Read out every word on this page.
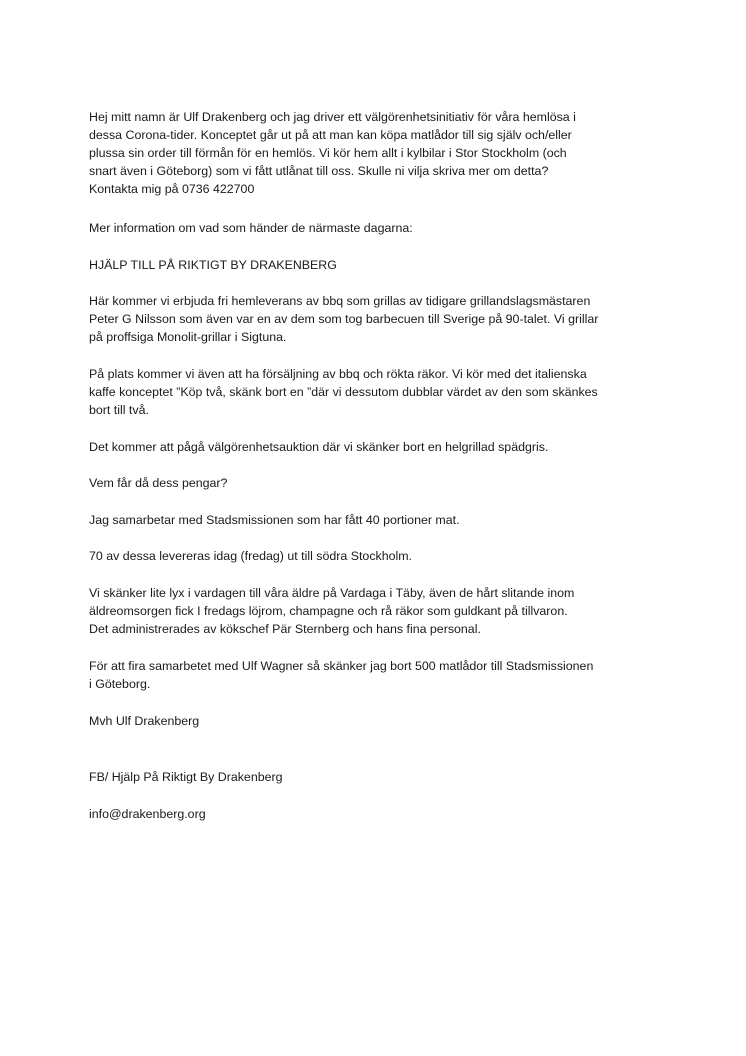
Hej mitt namn är Ulf Drakenberg och jag driver ett välgörenhetsinitiativ för våra hemlösa i
dessa Corona-tider. Konceptet går ut på att man kan köpa matlådor till sig själv och/eller
plussa sin order till förmån för en hemlös. Vi kör hem allt i kylbilar i Stor Stockholm (och
snart även i Göteborg) som vi fått utlånat till oss. Skulle ni vilja skriva mer om detta?
Kontakta mig på 0736 422700

Mer information om vad som händer de närmaste dagarna:

HJÄLP TILL PÅ RIKTIGT BY DRAKENBERG

Här kommer vi erbjuda fri hemleverans av bbq som grillas av tidigare grillandslagsmästaren
Peter G Nilsson som även var en av dem som tog barbecuen till Sverige på 90-talet. Vi grillar
på proffsiga Monolit-grillar i Sigtuna.

På plats kommer vi även att ha försäljning av bbq och rökta räkor. Vi kör med det italienska
kaffe konceptet ”Köp två, skänk bort en ”där vi dessutom dubblar värdet av den som skänkes
bort till två.

Det kommer att pågå välgörenhetsauktion där vi skänker bort en helgrillad spädgris.

Vem får då dess pengar?

Jag samarbetar med Stadsmissionen som har fått 40 portioner mat.

70 av dessa levereras idag (fredag) ut till södra Stockholm.

Vi skänker lite lyx i vardagen till våra äldre på Vardaga i Täby, även de hårt slitande inom
äldreomsorgen fick I fredags löjrom, champagne och rå räkor som guldkant på tillvaron.
Det administrerades av kökschef Pär Sternberg och hans fina personal.

För att fira samarbetet med Ulf Wagner så skänker jag bort 500 matlådor till Stadsmissionen
i Göteborg.

Mvh Ulf Drakenberg

FB/ Hjälp På Riktigt By Drakenberg

info@drakenberg.org
